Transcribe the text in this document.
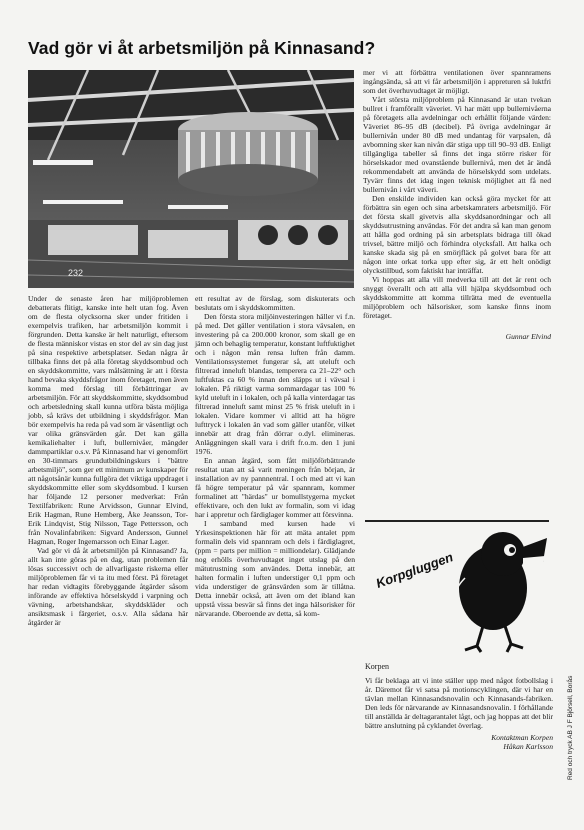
Vad gör vi åt arbetsmiljön på Kinnasand?
232

Under de senaste åren har miljöproblemen debatterats flitigt, kanske inte helt utan fog. Även om de flesta olycksorna sker under fritiden i exempelvis trafiken, har arbetsmiljön kommit i förgrunden. Detta kanske är helt naturligt, eftersom de flesta människor vistas en stor del av sin dag just på sina respektive arbetsplatser. Sedan några år tillbaka finns det på alla företag skyddsombud och en skyddskommitte, vars målsättning är att i första hand bevaka skyddsfrågor inom företaget, men även komma med förslag till förbättringar av arbetsmiljön. För att skyddskommitte, skyddsombud och arbetsledning skall kunna utföra bästa möjliga jobb, så krävs det utbildning i skyddsfrågor. Man bör exempelvis ha reda på vad som är väsentligt och var olika gränsvärden går. Det kan gälla kemikaliehalter i luft, bullernivåer, mängder dammpartiklar o.s.v. På Kinnasand har vi genomfört en 30-timmars grundutbildningskurs i "bättre arbetsmiljö", som ger ett minimum av kunskaper för att någotsånär kunna fullgöra det viktiga uppdraget i skyddskommitte eller som skyddsombud. I kursen har följande 12 personer medverkat: Från Textilfabriken: Rune Arvidsson, Gunnar Elvind, Erik Hagman, Rune Hemberg, Åke Jeansson, Tor-Erik Lindqvist, Stig Nilsson, Tage Pettersson, och från Novalinfabriken: Sigvard Andersson, Gunnel Hagman, Roger Ingemarsson och Einar Lager.

Vad gör vi då åt arbetsmiljön på Kinnasand? Ja, allt kan inte göras på en dag, utan problemen får lösas successivt och de allvarligaste riskerna eller miljöproblemen får vi ta itu med först. På företaget har redan vidtagits förebyggande åtgärder såsom införande av effektiva hörselskydd i varpning och vävning, arbetshandskar, skyddskläder och ansiktsmask i färgeriet, o.s.v. Alla sådana här åtgärder är

ett resultat av de förslag, som diskuterats och beslutats om i skyddskommitten.

Den första stora miljöinvesteringen häller vi f.n. på med. Det gäller ventilation i stora vävsalen, en investering på ca 200.000 kronor, som skall ge en jämn och behaglig temperatur, konstant luftfuktighet och i någon mån rensa luften från damm. Ventilationssystemet fungerar så, att uteluft och filtrerad inneluft blandas, temperera ca 21–22° och luftfuktas ca 60 % innan den släpps ut i vävsal i lokalen. På riktigt varma sommardagar tas 100 % kyld uteluft in i lokalen, och på kalla vinterdagar tas filtrerad inneluft samt minst 25 % frisk uteluft in i lokalen. Vidare kommer vi alltid att ha högre lufttryck i lokalen än vad som gäller utanför, vilket innebär att drag från dörrar o.dyl. elimineras. Anläggningen skall vara i drift fr.o.m. den 1 juni 1976.

En annan åtgärd, som fått miljöförbättrande resultat utan att så varit meningen från början, är installation av ny pannnentral. I och med att vi kan få högre temperatur på vår spannram, kommer formalinet att "härdas" ur bomullstygerna mycket effektivare, och den lukt av formalin, som vi idag har i appretur och färdiglager kommer att försvinna.

I samband med kursen hade vi Yrkesinspektionen här för att mäta antalet ppm formalin dels vid spannram och dels i färdiglagret, (ppm = parts per million = milliondelar). Glädjande nog erhölls överhuvudtaget inget utslag på den mätutrustning som användes. Detta innebär, att halten formalin i luften understiger 0,1 ppm och vida understiger de gränsvärden som är tillåtna. Detta innebär också, att även om det ibland kan uppstå vissa besvär så finns det inga hälsorisker för närvarande. Oberoende av detta, så kom-

mer vi att förbättra ventilationen över spannramens ingångsända, så att vi får arbetsmiljön i appreturen så luktfri som det överhuvudtaget är möjligt.

Vårt största miljöproblem på Kinnasand är utan tvekan bullret i framförallt väveriet. Vi har mätt upp bullernivåerna på företagets alla avdelningar och erhållit följande värden: Väveriet 86–95 dB (decibel). På övriga avdelningar är bullernivån under 80 dB med undantag för varpsalen, då avbomning sker kan nivån där stiga upp till 90–93 dB. Enligt tillgängliga tabeller så finns det inga större risker för hörselskador med ovanstående bullernivå, men det är ändå rekommendabelt att använda de hörselskydd som utdelats. Tyvärr finns det idag ingen teknisk möjlighet att få ned bullernivån i vårt väveri.

Den enskilde individen kan också göra mycket för att förbättra sin egen och sina arbetskamraters arbetsmiljö. För det första skall givetvis alla skyddsanordningar och all skyddsutrustning användas. För det andra så kan man genom att hålla god ordning på sin arbetsplats bidraga till ökad trivsel, bättre miljö och förhindra olycksfall. Att halka och kanske skada sig på en smörjfläck på golvet bara för att någon inte orkat torka upp efter sig, är ett helt onödigt olyckstillbud, som faktiskt har inträffat.

Vi hoppas att alla vill medverka till att det är rent och snyggt överallt och att alla vill hjälpa skyddsombud och skyddskommitte att komma tillrätta med de eventuella miljöproblem och hälsorisker, som kanske finns inom företaget.

Gunnar Elvind

Korpgluggen
Korpen

Vi får beklaga att vi inte ställer upp med något fotbollslag i år. Däremot får vi satsa på motionscyklingen, där vi har en tävlan mellan Kinnasandsnovalin och Kinnasands-fabriken. Den leds för närvarande av Kinnasandsnovalin. I förhållande till anställda är deltagarantalet lågt, och jag hoppas att det blir bättre anslutning på cyklandet överlag.

Kontaktman Korpen

Håkan Karlsson Red och tryck AB J F Björsell, Borås
